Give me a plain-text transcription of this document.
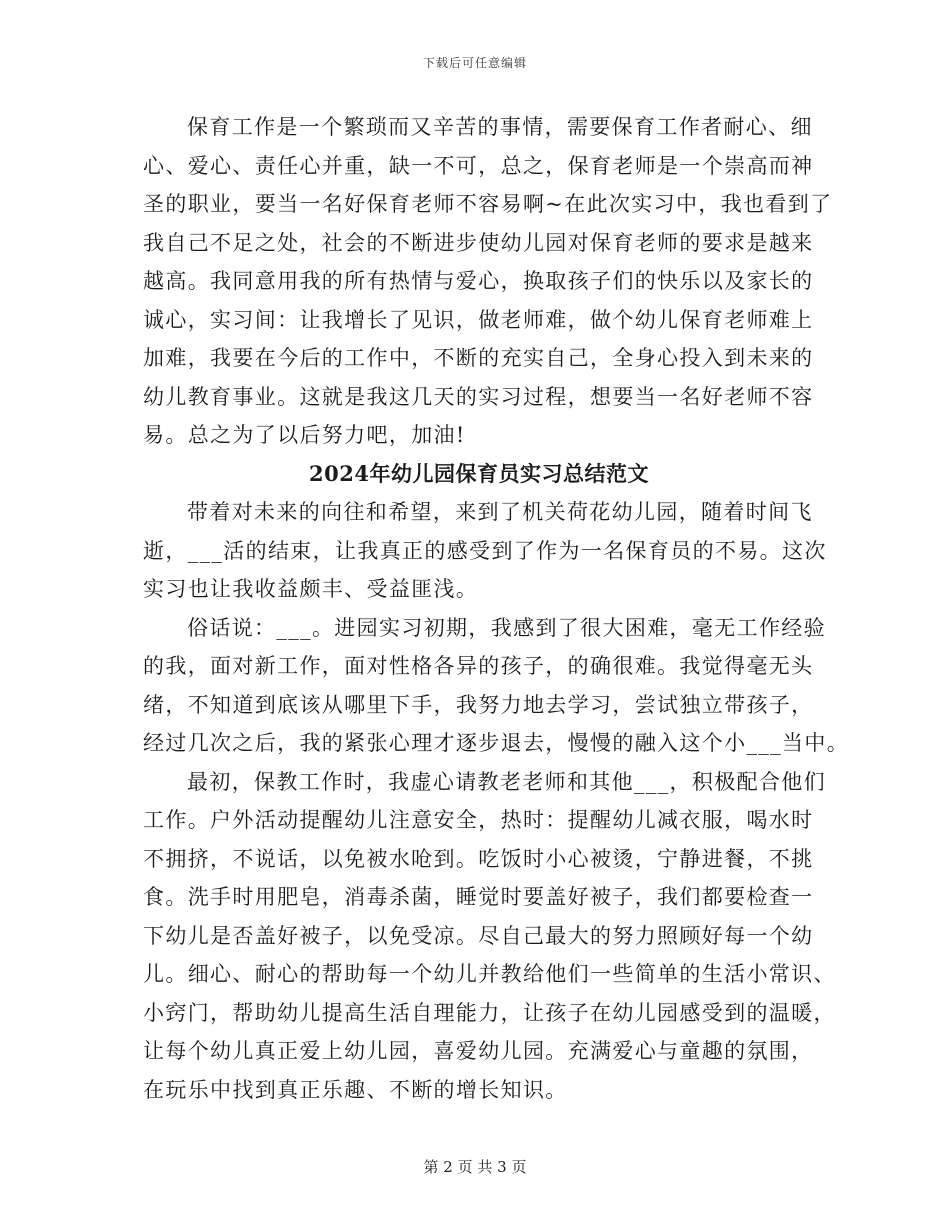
下载后可任意编辑
保育工作是一个繁琐而又辛苦的事情，需要保育工作者耐心、细
心、爱心、责任心并重，缺一不可，总之，保育老师是一个崇高而神
圣的职业，要当一名好保育老师不容易啊~在此次实习中，我也看到了
我自己不足之处，社会的不断进步使幼儿园对保育老师的要求是越来
越高。我同意用我的所有热情与爱心，换取孩子们的快乐以及家长的
诚心，实习间：让我增长了见识，做老师难，做个幼儿保育老师难上
加难，我要在今后的工作中，不断的充实自己，全身心投入到未来的
幼儿教育事业。这就是我这几天的实习过程，想要当一名好老师不容
易。总之为了以后努力吧，加油!
2024年幼儿园保育员实习总结范文
带着对未来的向往和希望，来到了机关荷花幼儿园，随着时间飞
逝，___活的结束，让我真正的感受到了作为一名保育员的不易。这次
实习也让我收益颇丰、受益匪浅。
俗话说：___。进园实习初期，我感到了很大困难，毫无工作经验
的我，面对新工作，面对性格各异的孩子，的确很难。我觉得毫无头
绪，不知道到底该从哪里下手，我努力地去学习，尝试独立带孩子，
经过几次之后，我的紧张心理才逐步退去，慢慢的融入这个小___当中。
最初，保教工作时，我虚心请教老老师和其他___，积极配合他们
工作。户外活动提醒幼儿注意安全，热时：提醒幼儿减衣服，喝水时
不拥挤，不说话，以免被水呛到。吃饭时小心被烫，宁静进餐，不挑
食。洗手时用肥皂，消毒杀菌，睡觉时要盖好被子，我们都要检查一
下幼儿是否盖好被子，以免受凉。尽自己最大的努力照顾好每一个幼
儿。细心、耐心的帮助每一个幼儿并教给他们一些简单的生活小常识、
小窍门，帮助幼儿提高生活自理能力，让孩子在幼儿园感受到的温暖，
让每个幼儿真正爱上幼儿园，喜爱幼儿园。充满爱心与童趣的氛围，
在玩乐中找到真正乐趣、不断的增长知识。
第 2 页 共 3 页
